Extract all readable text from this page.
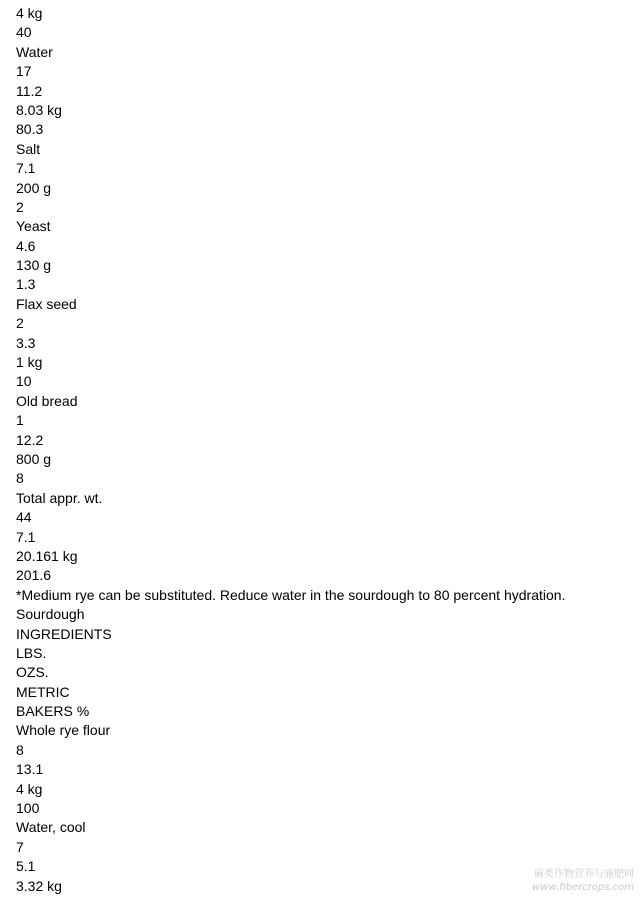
4 kg
40
Water
17
11.2
8.03 kg
80.3
Salt
7.1
200 g
2
Yeast
4.6
130 g
1.3
Flax seed
2
3.3
1 kg
10
Old bread
1
12.2
800 g
8
Total appr. wt.
44
7.1
20.161 kg
201.6
*Medium rye can be substituted. Reduce water in the sourdough to 80 percent hydration.
Sourdough
INGREDIENTS
LBS.
OZS.
METRIC
BAKERS %
Whole rye flour
8
13.1
4 kg
100
Water, cool
7
5.1
3.32 kg
麻类作物营养与施肥网
www.fibercrops.com
